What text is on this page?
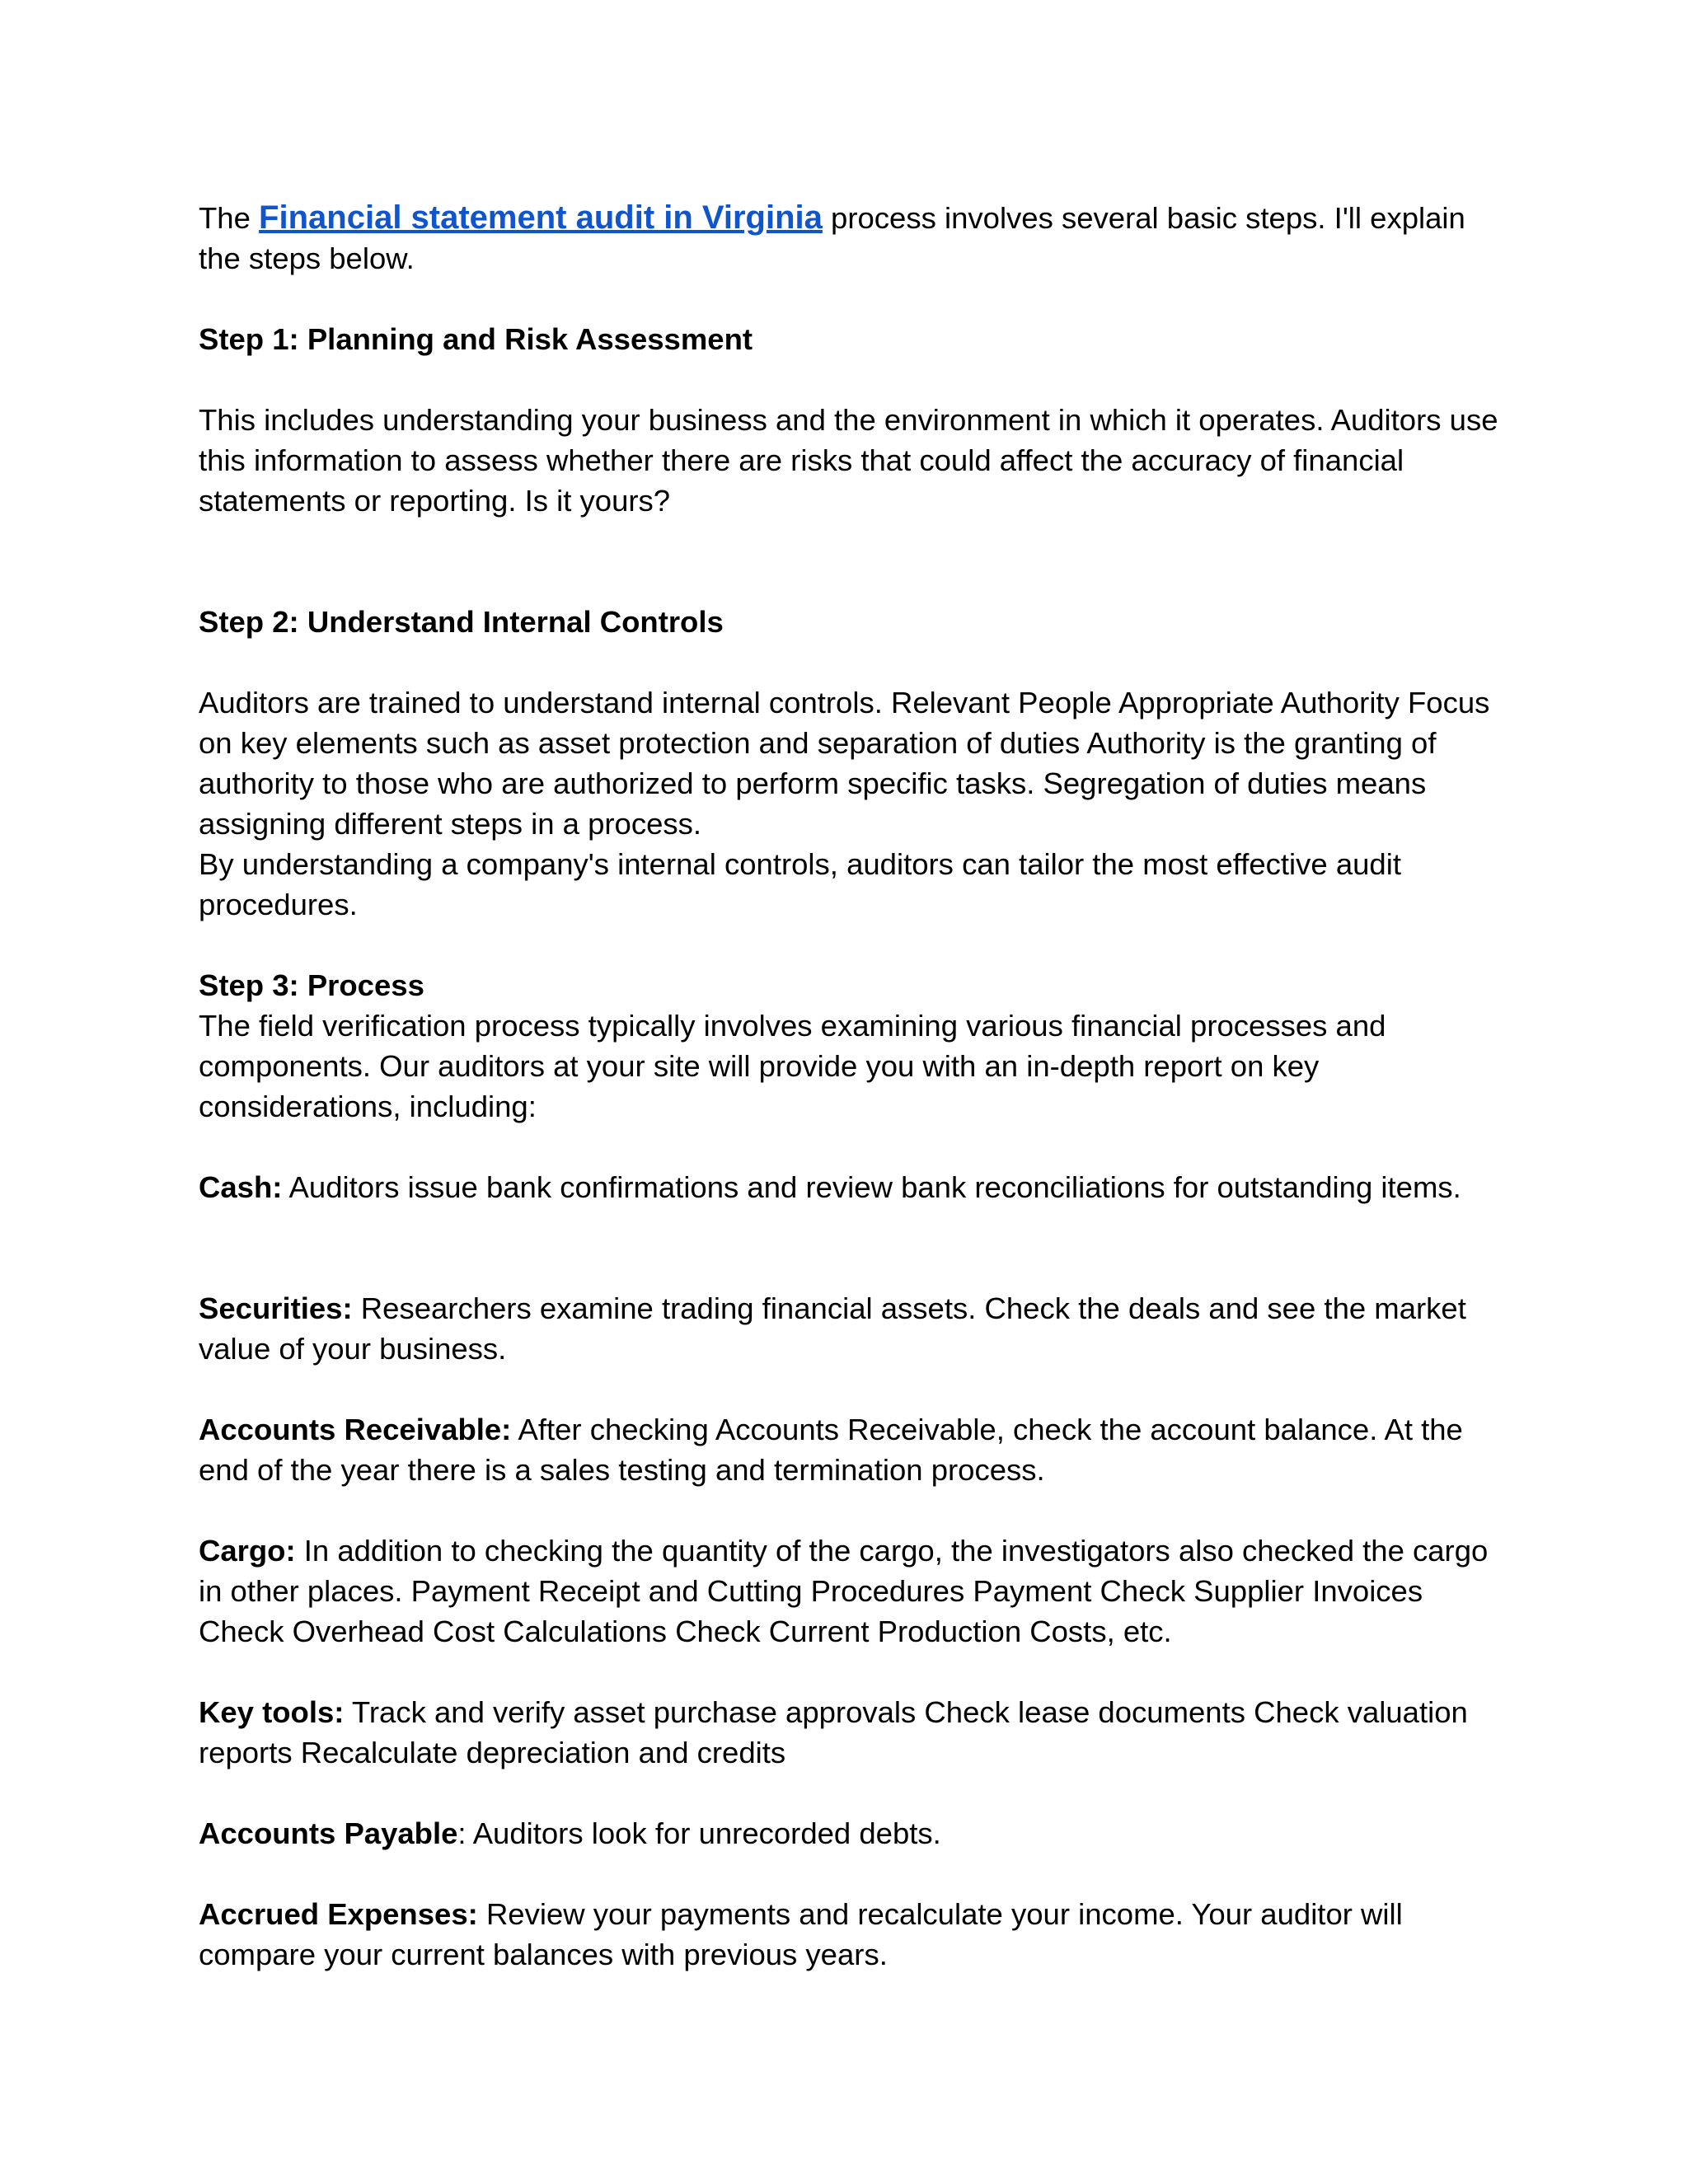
The Financial statement audit in Virginia process involves several basic steps. I'll explain the steps below.

Step 1: Planning and Risk Assessment

This includes understanding your business and the environment in which it operates. Auditors use this information to assess whether there are risks that could affect the accuracy of financial statements or reporting. Is it yours?

Step 2: Understand Internal Controls

Auditors are trained to understand internal controls. Relevant People Appropriate Authority Focus on key elements such as asset protection and separation of duties Authority is the granting of authority to those who are authorized to perform specific tasks. Segregation of duties means assigning different steps in a process.

By understanding a company's internal controls, auditors can tailor the most effective audit procedures.

Step 3: Process

The field verification process typically involves examining various financial processes and components. Our auditors at your site will provide you with an in-depth report on key considerations, including:

Cash: Auditors issue bank confirmations and review bank reconciliations for outstanding items.

Securities: Researchers examine trading financial assets. Check the deals and see the market value of your business.

Accounts Receivable: After checking Accounts Receivable, check the account balance. At the end of the year there is a sales testing and termination process.

Cargo: In addition to checking the quantity of the cargo, the investigators also checked the cargo in other places. Payment Receipt and Cutting Procedures Payment Check Supplier Invoices Check Overhead Cost Calculations Check Current Production Costs, etc.

Key tools: Track and verify asset purchase approvals Check lease documents Check valuation reports Recalculate depreciation and credits

Accounts Payable: Auditors look for unrecorded debts.

Accrued Expenses: Review your payments and recalculate your income. Your auditor will compare your current balances with previous years.
